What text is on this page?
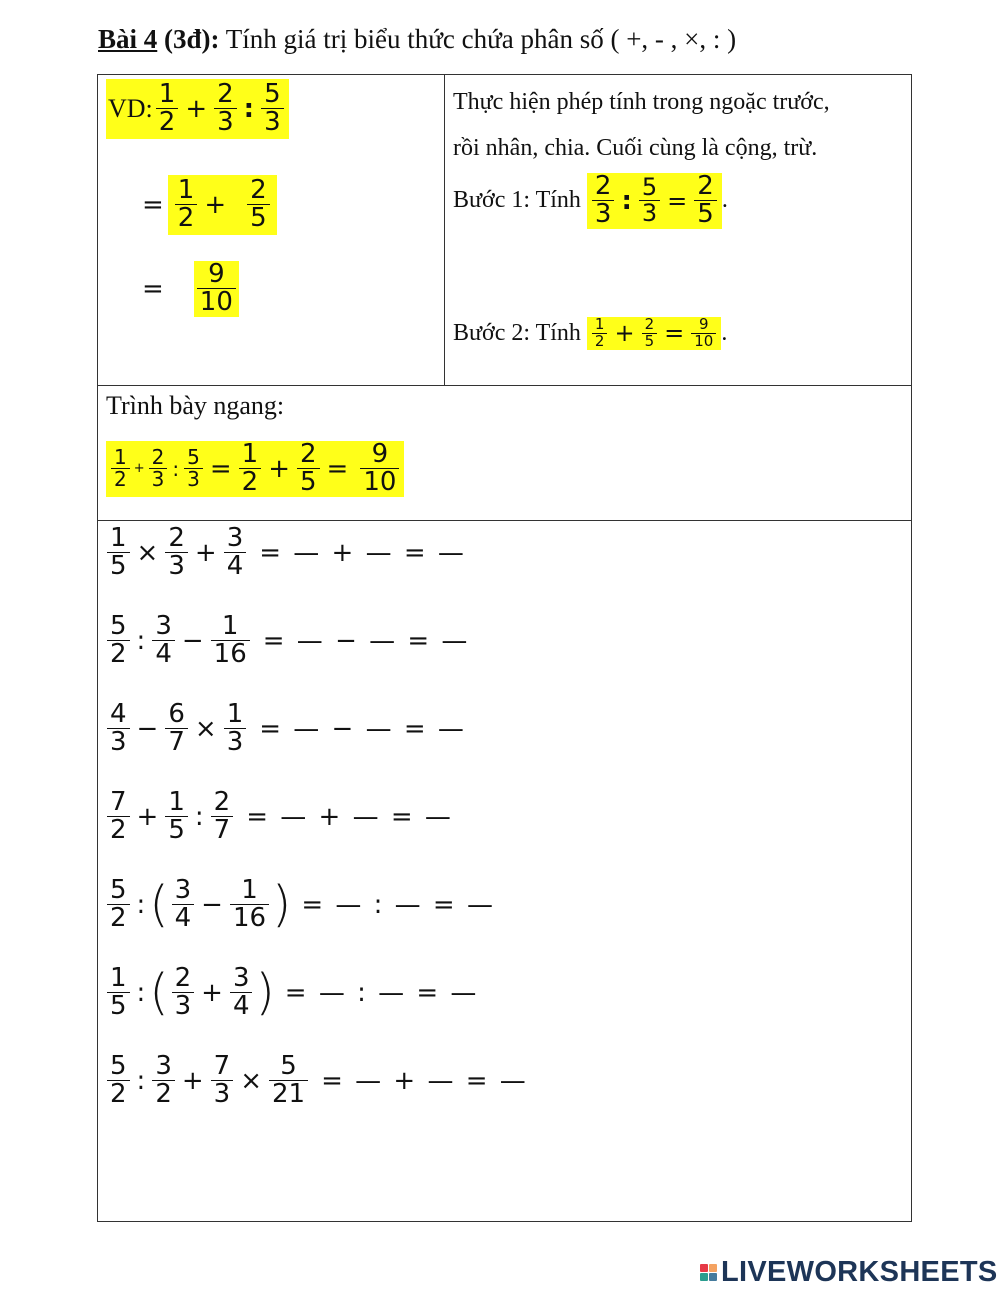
Bài 4 (3đ): Tính giá trị biểu thức chứa phân số ( +, - , ×, : )
VD: $\frac{1}{2} + \frac{2}{3}$ : $\frac{5}{3}$
= $\frac{1}{2} + \frac{2}{5}$
= $\frac{9}{10}$
Thực hiện phép tính trong ngoặc trước,
rồi nhân, chia. Cuối cùng là cộng, trừ.
Bước 1: Tính $\frac{2}{3}$ : $\frac{5}{3} = \frac{2}{5}$ .
Bước 2: Tính $\frac{1}{2} + \frac{2}{5} = \frac{9}{10}$ .
Trình bày ngang:
$\frac{1}{2} + \frac{2}{3}$ : $\frac{5}{3} = \frac{1}{2} + \frac{2}{5} = \frac{9}{10}$
$\frac{1}{5} \times \frac{2}{3} + \frac{3}{4}$ = — + — = —
$\frac{5}{2}$ : $\frac{3}{4} - \frac{1}{16}$ = — − — = —
$\frac{4}{3} - \frac{6}{7} \times \frac{1}{3}$ = — − — = —
$\frac{7}{2} + \frac{1}{5}$ : $\frac{2}{7}$ = — + — = —
$\frac{5}{2}$ : ( $\frac{3}{4} - \frac{1}{16}$ ) = — : — = —
$\frac{1}{5}$ : ( $\frac{2}{3} + \frac{3}{4}$ ) = — : — = —
$\frac{5}{2}$ : $\frac{3}{2} + \frac{7}{3} \times \frac{5}{21}$ = — + — = —
LIVEWORKSHEETS
